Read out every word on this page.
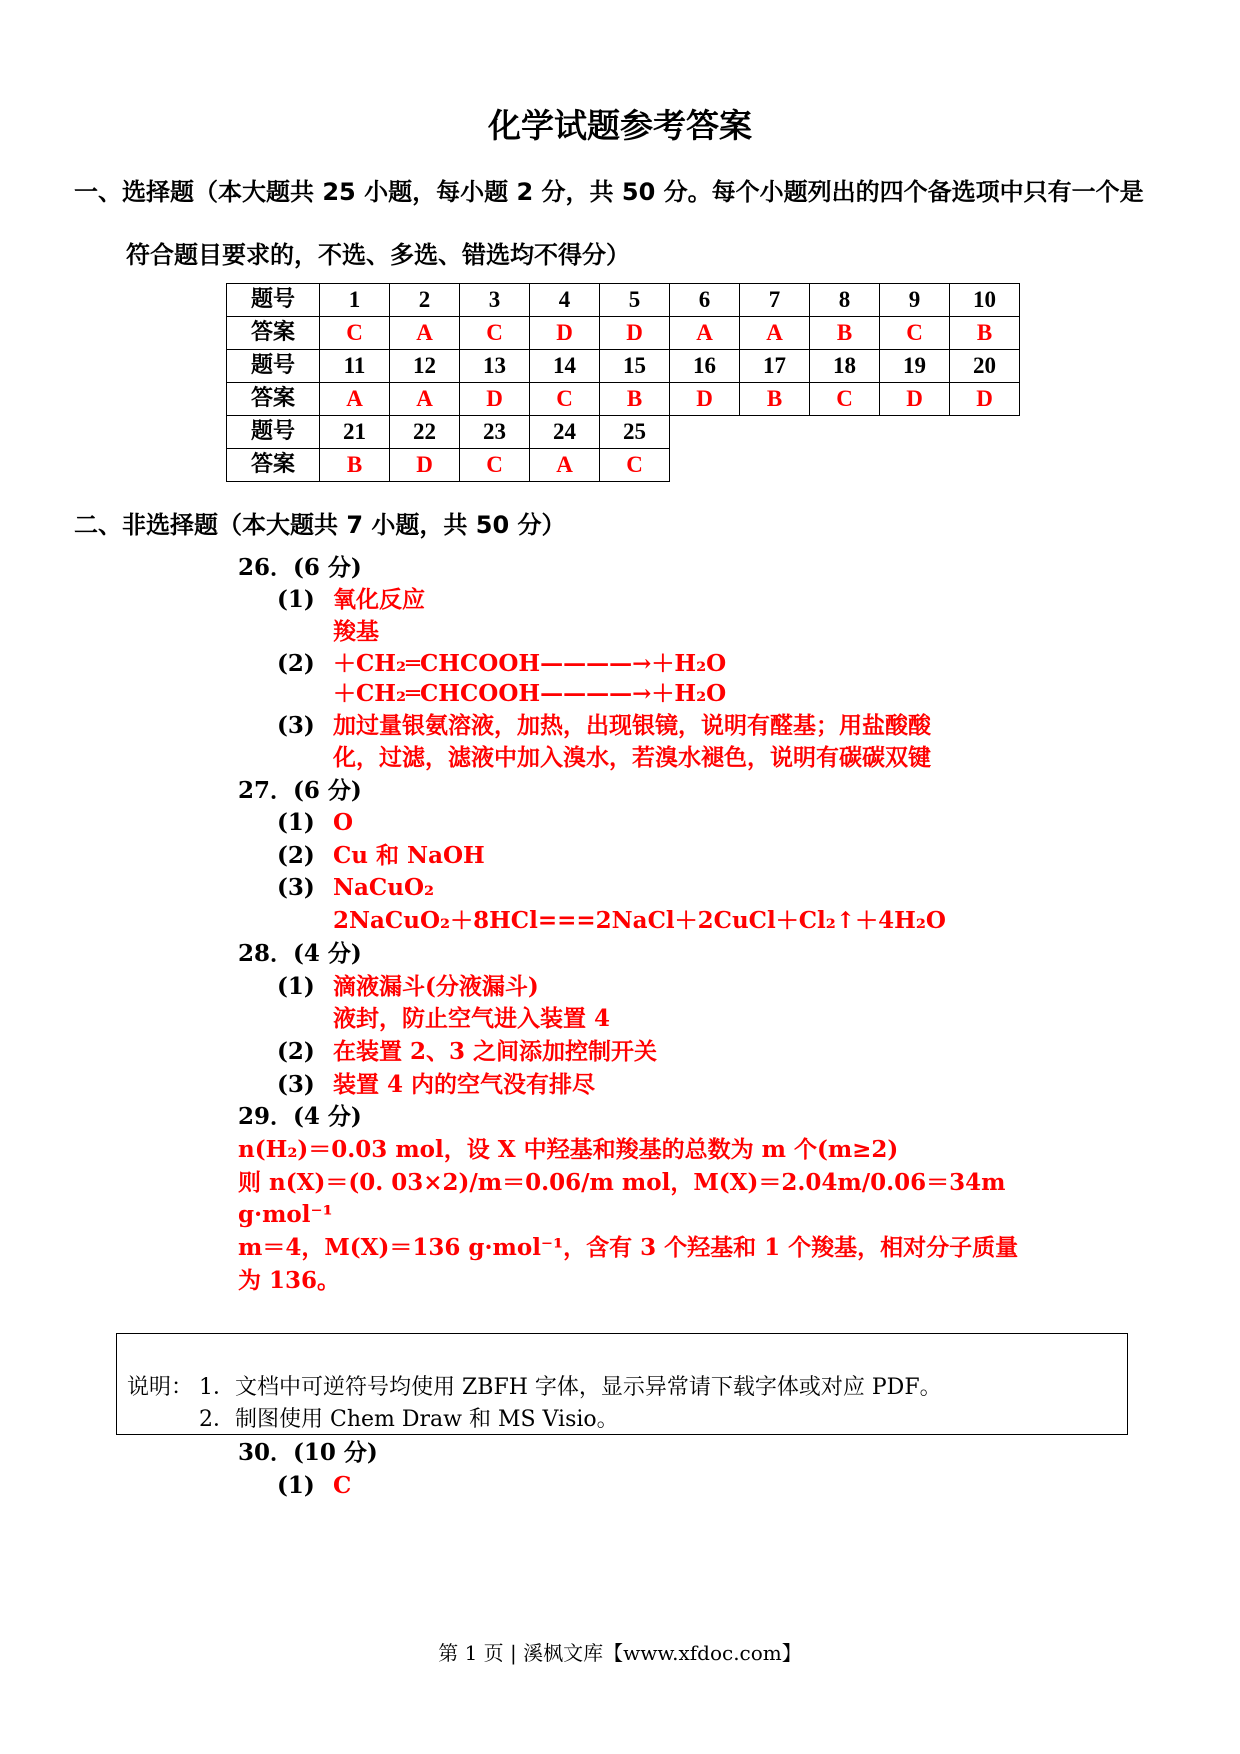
化学试题参考答案
一、选择题（本大题共 25 小题，每小题 2 分，共 50 分。每个小题列出的四个备选项中只有一个是
符合题目要求的，不选、多选、错选均不得分）
题号	1	2	3	4	5	6	7	8	9	10
答案	C	A	C	D	D	A	A	B	C	B
题号	11	12	13	14	15	16	17	18	19	20
答案	A	A	D	C	B	D	B	C	D	D
题号	21	22	23	24	25					
答案	B	D	C	A	C					
二、非选择题（本大题共 7 小题，共 50 分）
26．(6 分)
(1) 氧化反应
羧基
(2) ＋CH₂═CHCOOH————→＋H₂O
＋CH₂═CHCOOH————→＋H₂O
(3) 加过量银氨溶液，加热，出现银镜，说明有醛基；用盐酸酸
化，过滤，滤液中加入溴水，若溴水褪色，说明有碳碳双键
27．(6 分)
(1) O
(2) Cu 和 NaOH
(3) NaCuO₂
2NaCuO₂＋8HCl===2NaCl＋2CuCl＋Cl₂↑＋4H₂O
28．(4 分)
(1) 滴液漏斗(分液漏斗)
液封，防止空气进入装置 4
(2) 在装置 2、3 之间添加控制开关
(3) 装置 4 内的空气没有排尽
29．(4 分)
n(H₂)＝0.03 mol，设 X 中羟基和羧基的总数为 m 个(m≥2)
则 n(X)＝(0. 03×2)/m＝0.06/m mol，M(X)＝2.04m/0.06＝34m
g·mol⁻¹
m＝4，M(X)＝136 g·mol⁻¹，含有 3 个羟基和 1 个羧基，相对分子质量
为 136。
说明： 1．文档中可逆符号均使用 ZBFH 字体，显示异常请下载字体或对应 PDF。
2．制图使用 Chem Draw 和 MS Visio。
30．(10 分)
(1) C
第 1 页 | 溪枫文库【www.xfdoc.com】
